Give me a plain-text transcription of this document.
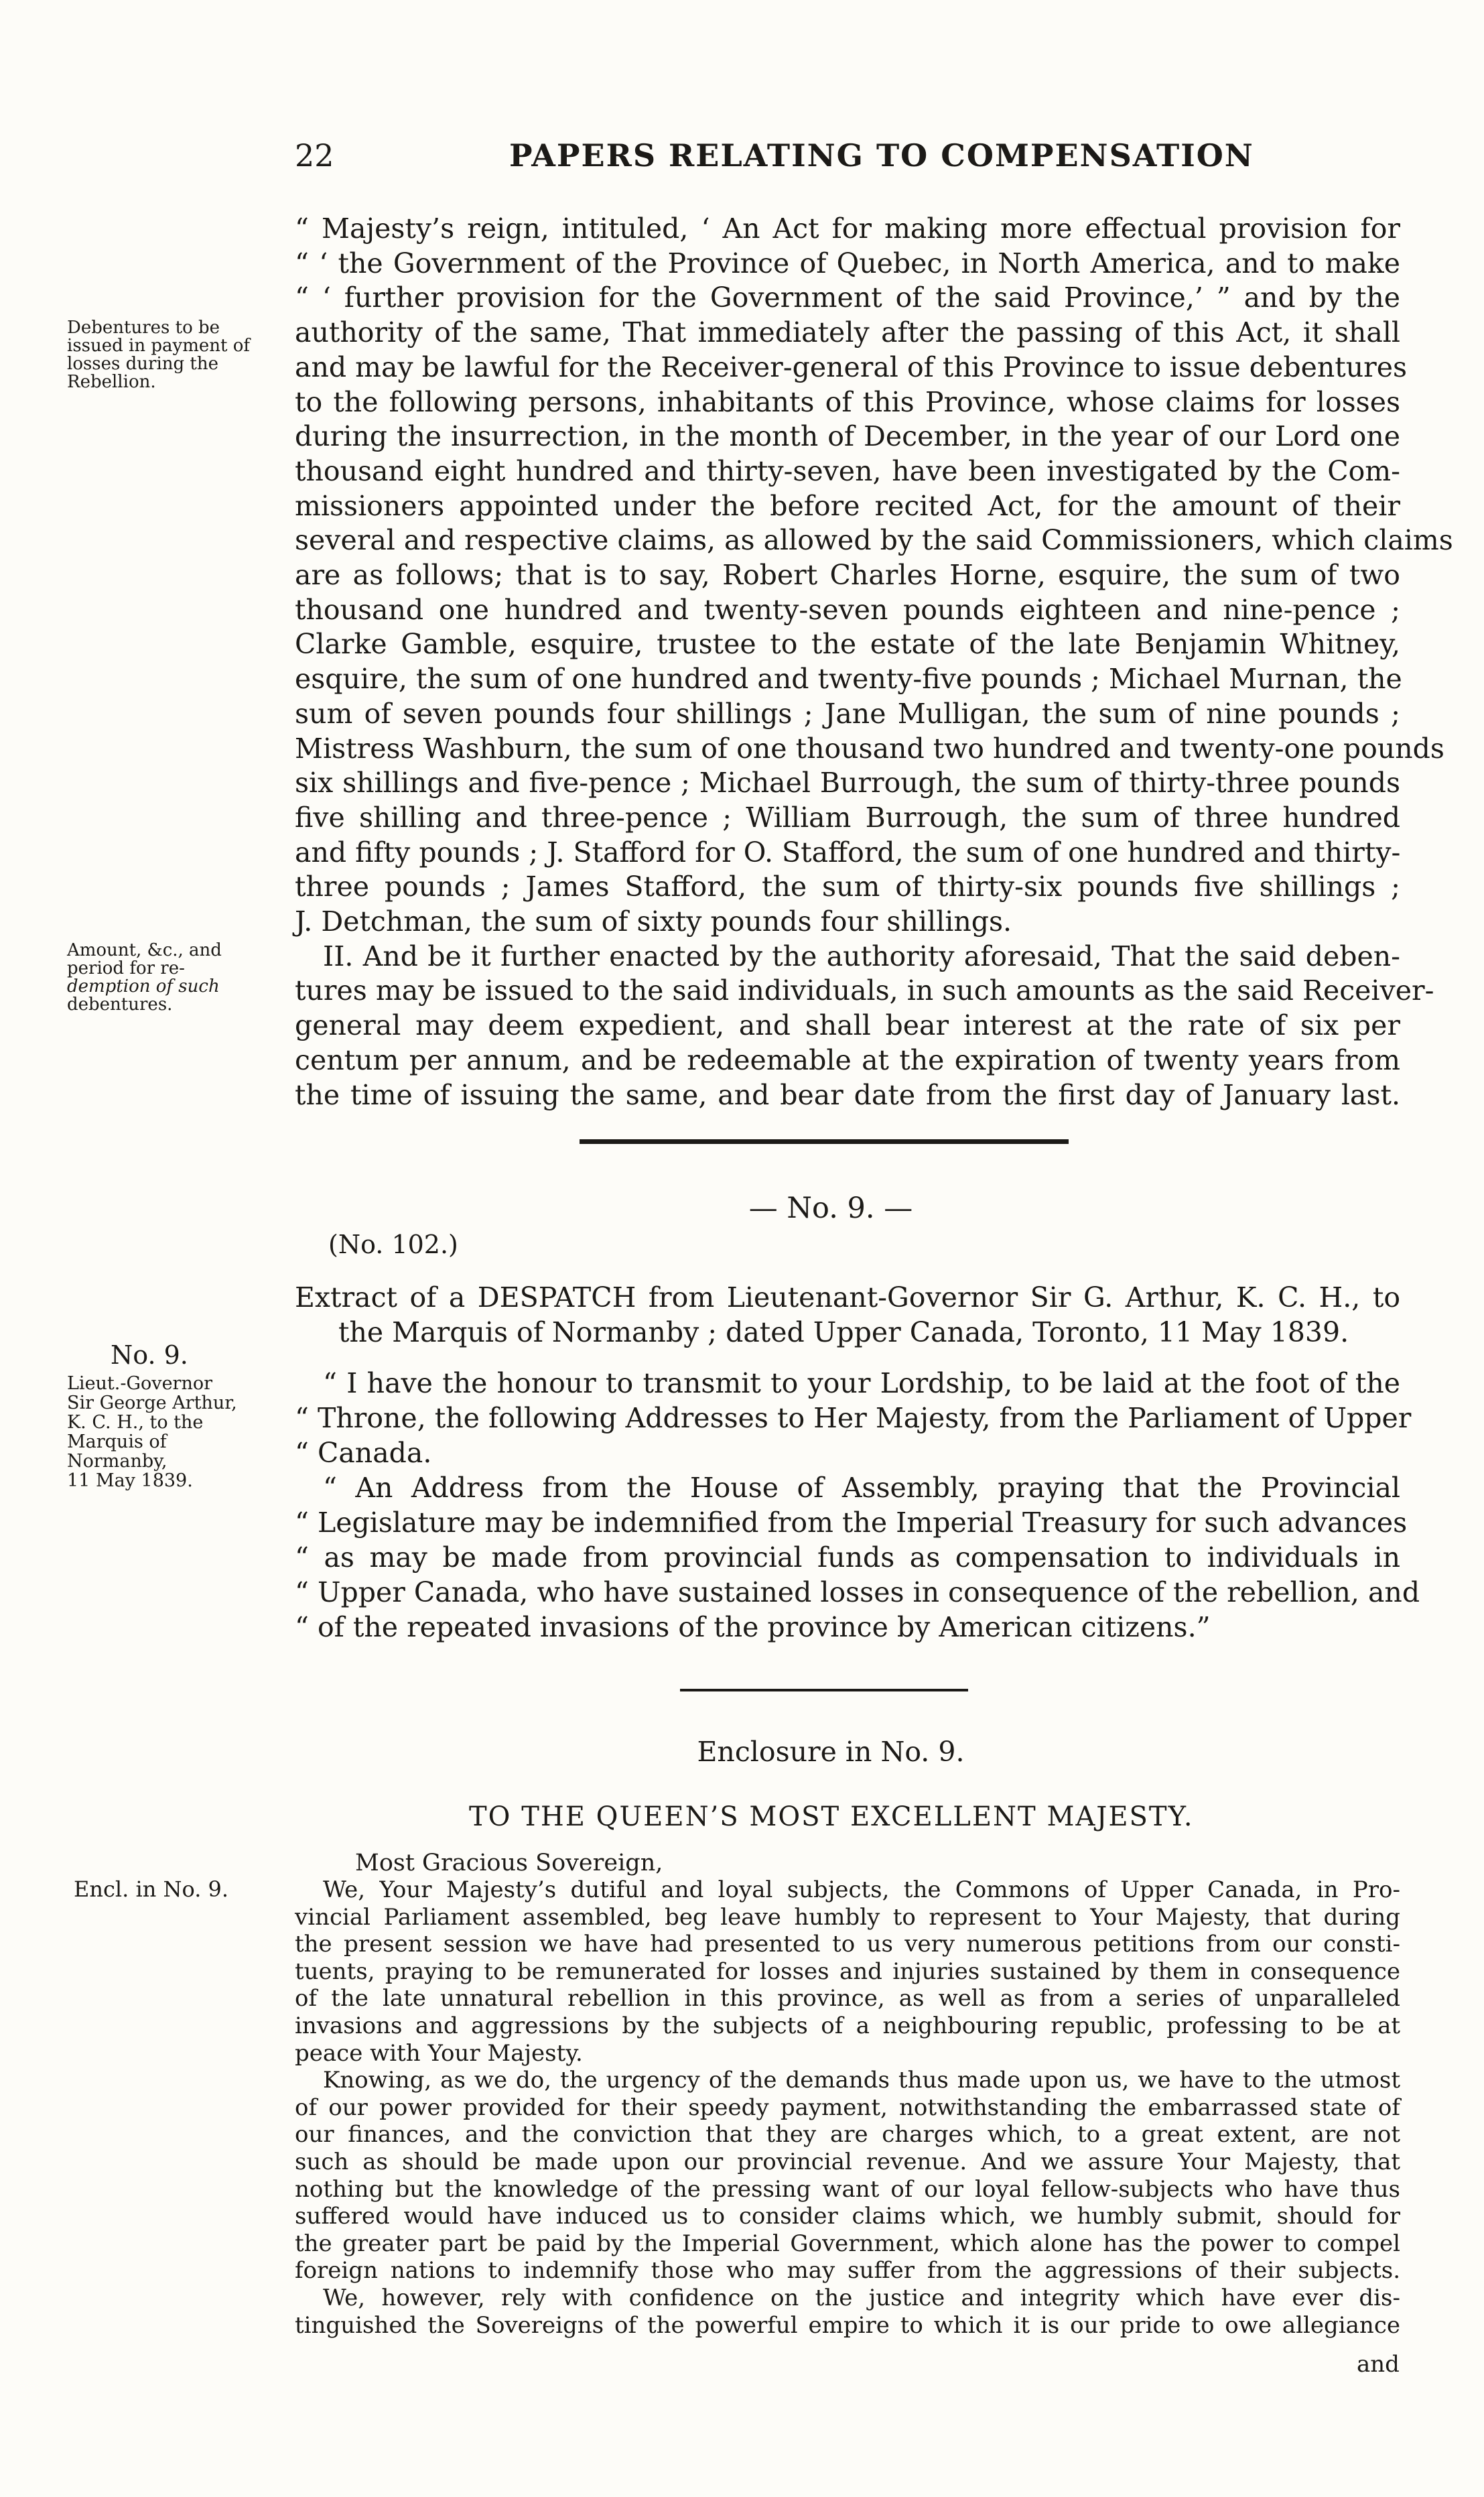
22	PAPERS RELATING TO COMPENSATION
“ Majesty’s reign, intituled, ‘ An Act for making more effectual provision for
“ ‘ the Government of the Province of Quebec, in North America, and to make
“ ‘ further provision for the Government of the said Province,’ ” and by the
authority of the same, That immediately after the passing of this Act, it shall
and may be lawful for the Receiver-general of this Province to issue debentures
to the following persons, inhabitants of this Province, whose claims for losses
during the insurrection, in the month of December, in the year of our Lord one
thousand eight hundred and thirty-seven, have been investigated by the Com-
missioners appointed under the before recited Act, for the amount of their
several and respective claims, as allowed by the said Commissioners, which claims
are as follows; that is to say, Robert Charles Horne, esquire, the sum of two
thousand one hundred and twenty-seven pounds eighteen and nine-pence ;
Clarke Gamble, esquire, trustee to the estate of the late Benjamin Whitney,
esquire, the sum of one hundred and twenty-five pounds ; Michael Murnan, the
sum of seven pounds four shillings ; Jane Mulligan, the sum of nine pounds ;
Mistress Washburn, the sum of one thousand two hundred and twenty-one pounds
six shillings and five-pence ; Michael Burrough, the sum of thirty-three pounds
five shilling and three-pence ; William Burrough, the sum of three hundred
and fifty pounds ; J. Stafford for O. Stafford, the sum of one hundred and thirty-
three pounds ; James Stafford, the sum of thirty-six pounds five shillings ;
J. Detchman, the sum of sixty pounds four shillings.
II. And be it further enacted by the authority aforesaid, That the said deben-
tures may be issued to the said individuals, in such amounts as the said Receiver-
general may deem expedient, and shall bear interest at the rate of six per
centum per annum, and be redeemable at the expiration of twenty years from
the time of issuing the same, and bear date from the first day of January last.
Debentures to be
issued in payment of
losses during the
Rebellion.
Amount, &c., and
period for re-
demption of such
debentures.
— No. 9. —
(No. 102.)
Extract of a DESPATCH from Lieutenant-Governor Sir G. Arthur, K. C. H., to
the Marquis of Normanby ; dated Upper Canada, Toronto, 11 May 1839.
No. 9.
Lieut.-Governor
Sir George Arthur,
K. C. H., to the
Marquis of
Normanby,
11 May 1839.
“ I have the honour to transmit to your Lordship, to be laid at the foot of the
“ Throne, the following Addresses to Her Majesty, from the Parliament of Upper
“ Canada.
“ An Address from the House of Assembly, praying that the Provincial
“ Legislature may be indemnified from the Imperial Treasury for such advances
“ as may be made from provincial funds as compensation to individuals in
“ Upper Canada, who have sustained losses in consequence of the rebellion, and
“ of the repeated invasions of the province by American citizens.”
Enclosure in No. 9.
TO THE QUEEN’S MOST EXCELLENT MAJESTY.
Encl. in No. 9.
Most Gracious Sovereign,
We, Your Majesty’s dutiful and loyal subjects, the Commons of Upper Canada, in Pro-
vincial Parliament assembled, beg leave humbly to represent to Your Majesty, that during
the present session we have had presented to us very numerous petitions from our consti-
tuents, praying to be remunerated for losses and injuries sustained by them in consequence
of the late unnatural rebellion in this province, as well as from a series of unparalleled
invasions and aggressions by the subjects of a neighbouring republic, professing to be at
peace with Your Majesty.
Knowing, as we do, the urgency of the demands thus made upon us, we have to the utmost
of our power provided for their speedy payment, notwithstanding the embarrassed state of
our finances, and the conviction that they are charges which, to a great extent, are not
such as should be made upon our provincial revenue. And we assure Your Majesty, that
nothing but the knowledge of the pressing want of our loyal fellow-subjects who have thus
suffered would have induced us to consider claims which, we humbly submit, should for
the greater part be paid by the Imperial Government, which alone has the power to compel
foreign nations to indemnify those who may suffer from the aggressions of their subjects.
We, however, rely with confidence on the justice and integrity which have ever dis-
tinguished the Sovereigns of the powerful empire to which it is our pride to owe allegiance
and
